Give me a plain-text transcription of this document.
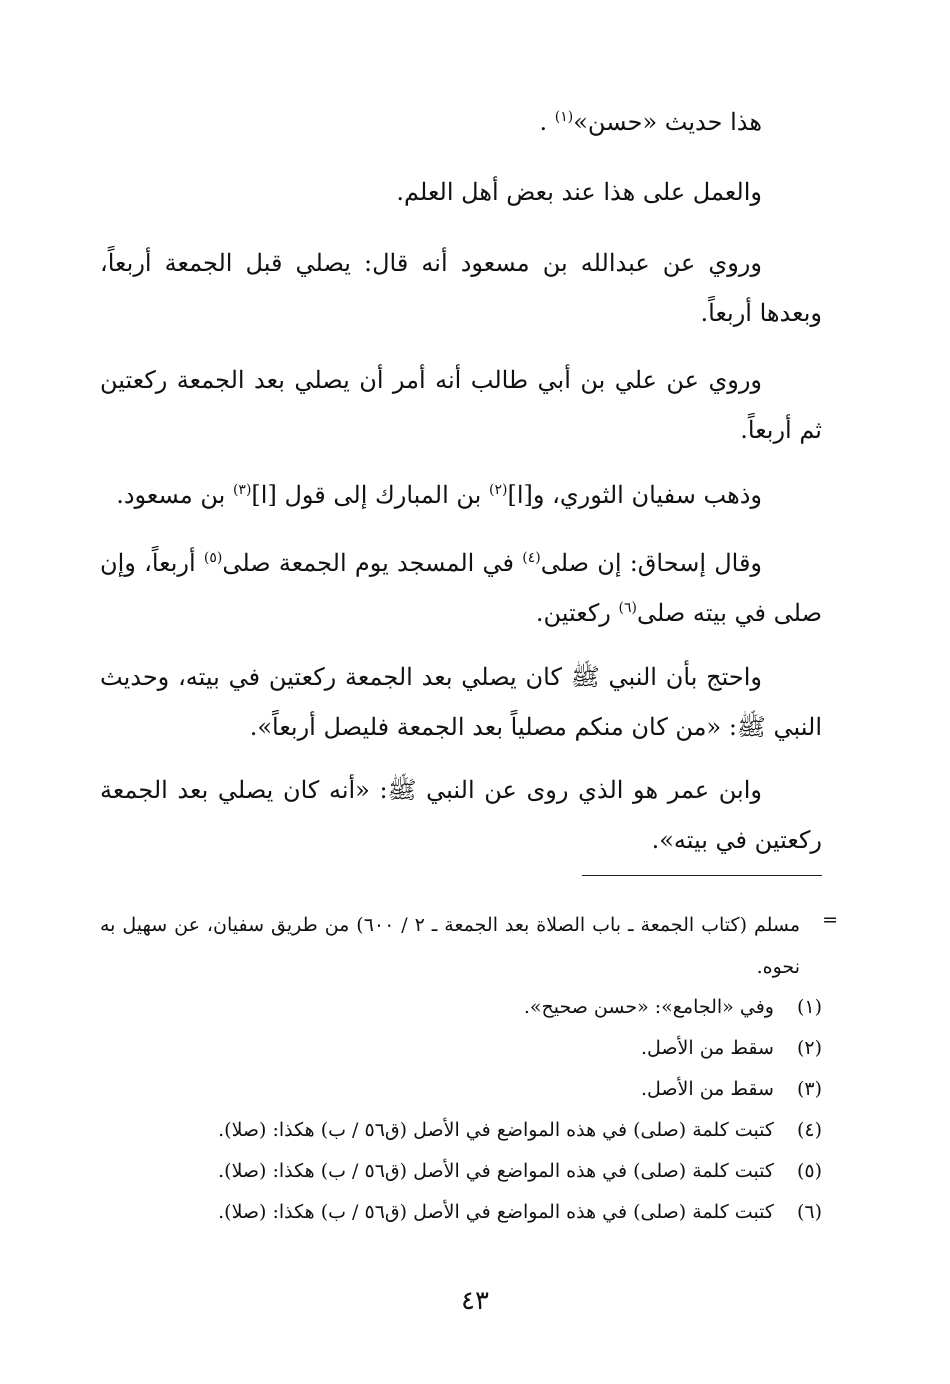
هذا حديث «حسن»$^{(١)}$ .
والعمل على هذا عند بعض أهل العلم.
وروي عن عبدالله بن مسعود أنه قال: يصلي قبل الجمعة أربعاً، وبعدها أربعاً.
وروي عن علي بن أبي طالب أنه أمر أن يصلي بعد الجمعة ركعتين ثم أربعاً.
وذهب سفيان الثوري، و[ا]$^{(٢)}$ بن المبارك إلى قول [ا]$^{(٣)}$ بن مسعود.
وقال إسحاق: إن صلى$^{(٤)}$ في المسجد يوم الجمعة صلى$^{(٥)}$ أربعاً، وإن صلى في بيته صلى$^{(٦)}$ ركعتين.
واحتج بأن النبي ﷺ كان يصلي بعد الجمعة ركعتين في بيته، وحديث النبي ﷺ: «من كان منكم مصلياً بعد الجمعة فليصل أربعاً».
وابن عمر هو الذي روى عن النبي ﷺ: «أنه كان يصلي بعد الجمعة ركعتين في بيته».
=
مسلم (كتاب الجمعة ـ باب الصلاة بعد الجمعة ـ ٢ / ٦٠٠) من طريق سفيان، عن سهيل به نحوه.
(١) وفي «الجامع»: «حسن صحيح».
(٢) سقط من الأصل.
(٣) سقط من الأصل.
(٤) كتبت كلمة (صلى) في هذه المواضع في الأصل (ق٥٦ / ب) هكذا: (صلا).
(٥) كتبت كلمة (صلى) في هذه المواضع في الأصل (ق٥٦ / ب) هكذا: (صلا).
(٦) كتبت كلمة (صلى) في هذه المواضع في الأصل (ق٥٦ / ب) هكذا: (صلا).
٤٣
